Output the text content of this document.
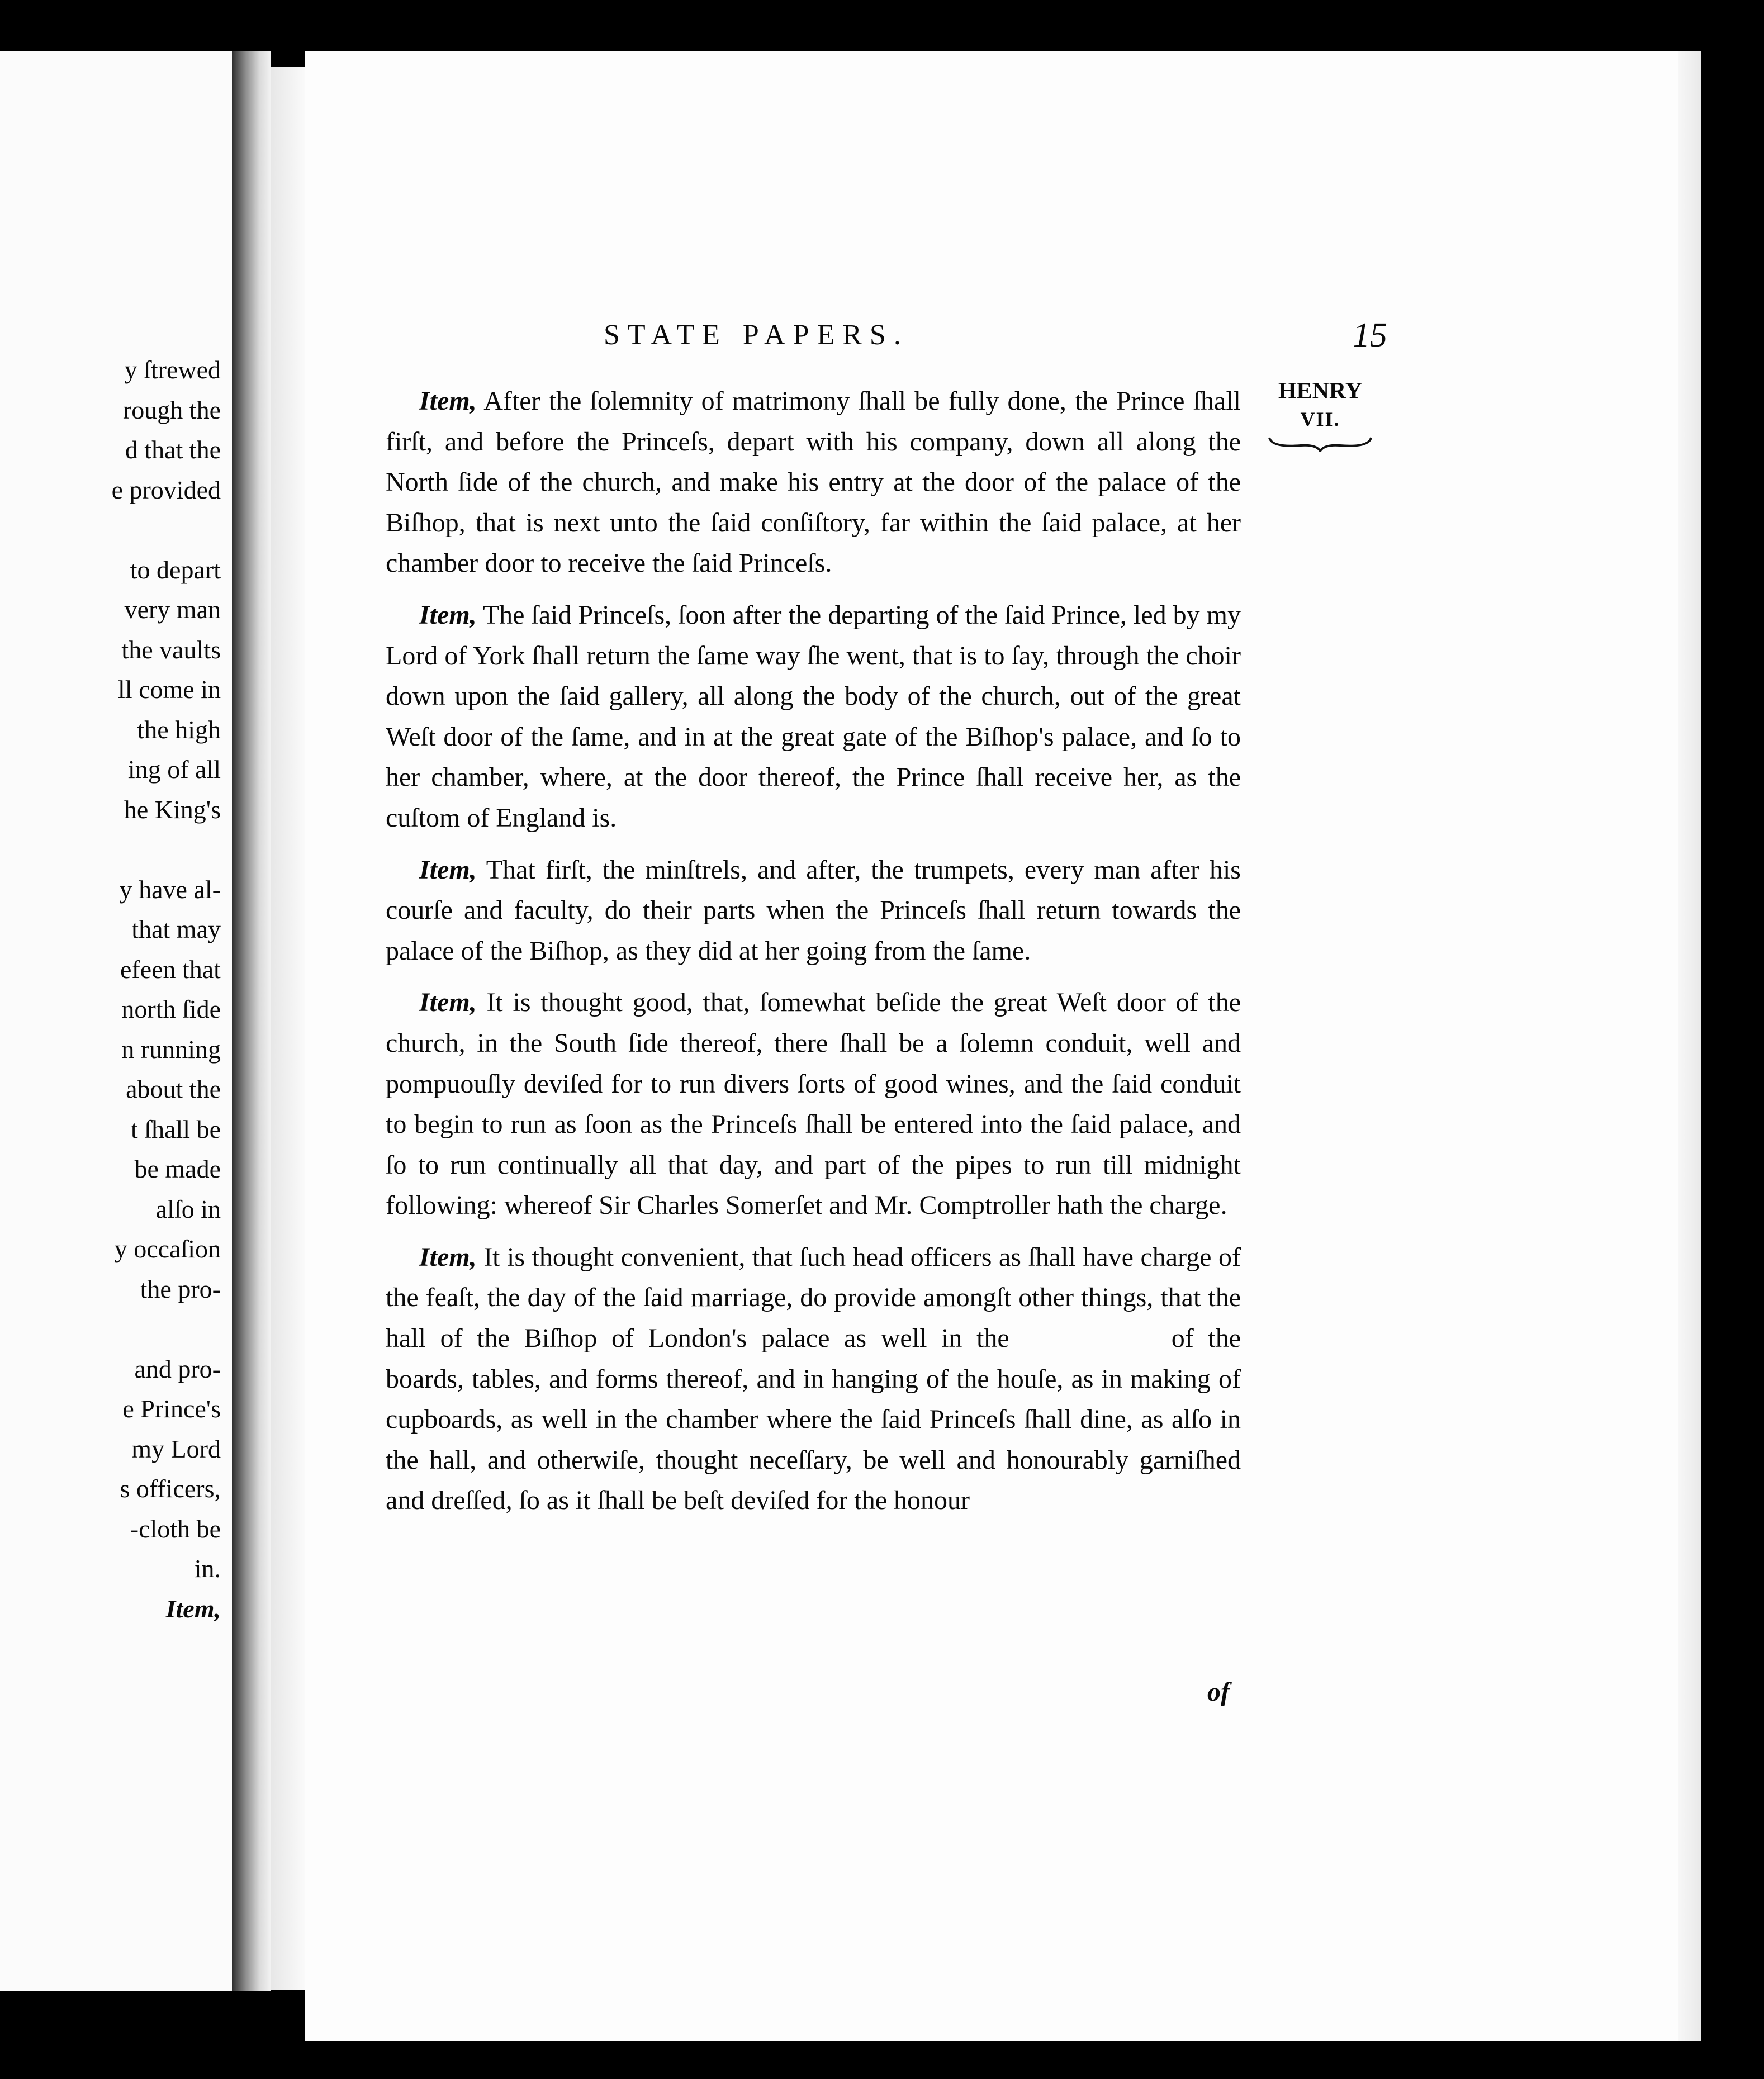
y ſtrewed
rough the
d that the
e provided
to depart
very man
the vaults
ll come in
the high
ing of all
he King's
y have al-
that may
efeen that
north ſide
n running
about the
t ſhall be
be made
alſo in
y occaſion
the pro-
and pro-
e Prince's
my Lord
s officers,
-cloth be
in.
Item,
STATE PAPERS.	15
HENRY
VII.

Item, After the ſolemnity of matrimony ſhall be fully done, the Prince ſhall firſt, and before the Princeſs, depart with his company, down all along the North ſide of the church, and make his entry at the door of the palace of the Biſhop, that is next unto the ſaid conſiſtory, far within the ſaid palace, at her chamber door to receive the ſaid Princeſs.

Item, The ſaid Princeſs, ſoon after the departing of the ſaid Prince, led by my Lord of York ſhall return the ſame way ſhe went, that is to ſay, through the choir down upon the ſaid gallery, all along the body of the church, out of the great Weſt door of the ſame, and in at the great gate of the Biſhop's palace, and ſo to her chamber, where, at the door thereof, the Prince ſhall receive her, as the cuſtom of England is.

Item, That firſt, the minſtrels, and after, the trumpets, every man after his courſe and faculty, do their parts when the Princeſs ſhall return towards the palace of the Biſhop, as they did at her going from the ſame.

Item, It is thought good, that, ſomewhat beſide the great Weſt door of the church, in the South ſide thereof, there ſhall be a ſolemn conduit, well and pompuouſly deviſed for to run divers ſorts of good wines, and the ſaid conduit to begin to run as ſoon as the Princeſs ſhall be entered into the ſaid palace, and ſo to run continually all that day, and part of the pipes to run till midnight following: whereof Sir Charles Somerſet and Mr. Comptroller hath the charge.

Item, It is thought convenient, that ſuch head officers as ſhall have charge of the feaſt, the day of the ſaid marriage, do provide amongſt other things, that the hall of the Biſhop of London's palace as well in the	of the boards, tables, and forms thereof, and in hanging of the houſe, as in making of cupboards, as well in the chamber where the ſaid Princeſs ſhall dine, as alſo in the hall, and otherwiſe, thought neceſſary, be well and honourably garniſhed and dreſſed, ſo as it ſhall be beſt deviſed for the honour

of
